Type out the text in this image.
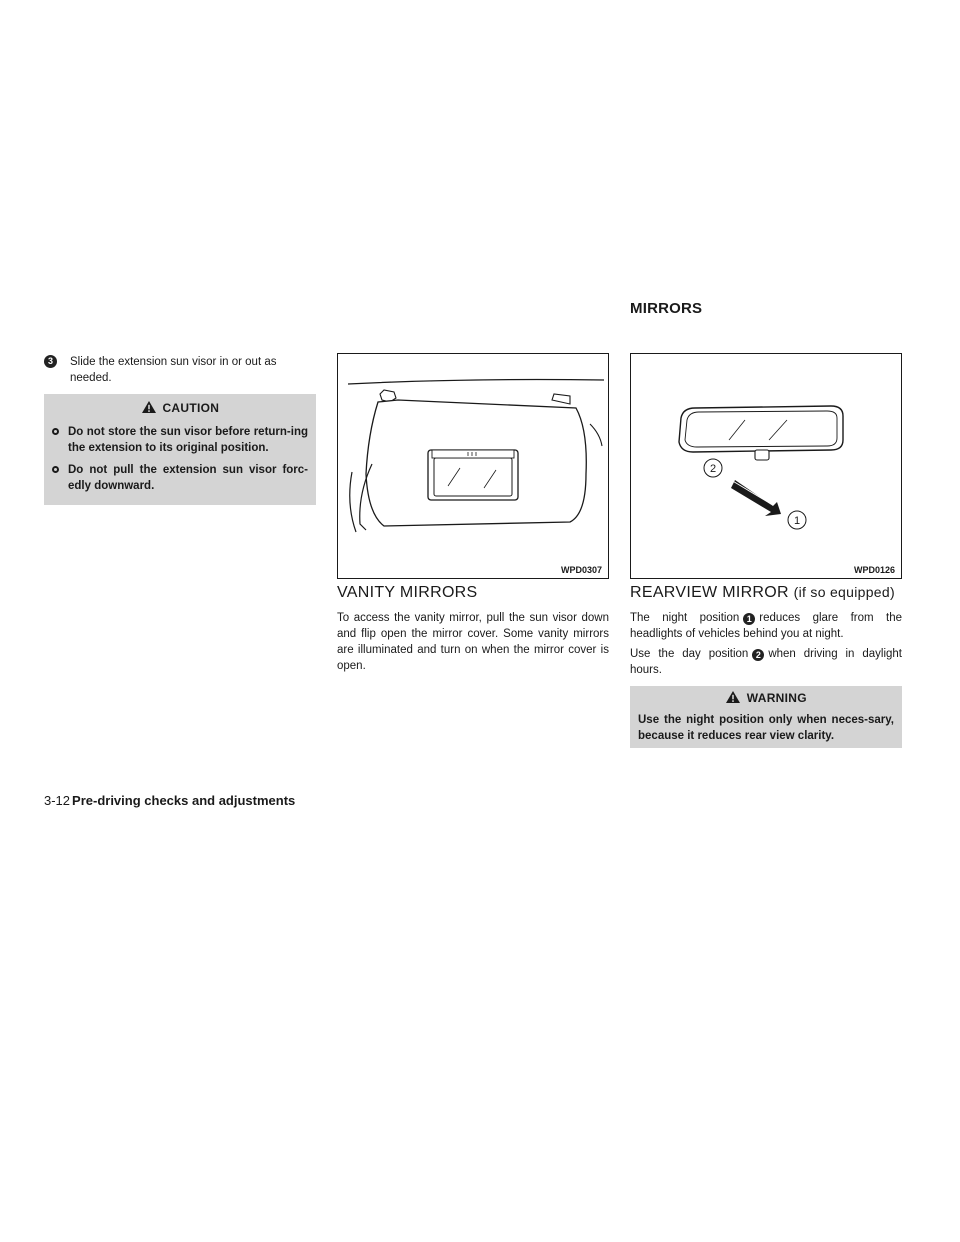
MIRRORS
3	Slide the extension sun visor in or out as needed.
CAUTION
Do not store the sun visor before return-ing the extension to its original position.
Do not pull the extension sun visor forc-edly downward.
WPD0307
2
1
WPD0126
VANITY MIRRORS
To access the vanity mirror, pull the sun visor down and flip open the mirror cover. Some vanity mirrors are illuminated and turn on when the mirror cover is open.
REARVIEW MIRROR (if so equipped)
The night position 1 reduces glare from the headlights of vehicles behind you at night.
Use the day position 2 when driving in daylight hours.
WARNING
Use the night position only when neces-sary, because it reduces rear view clarity.
3-12 Pre-driving checks and adjustments
